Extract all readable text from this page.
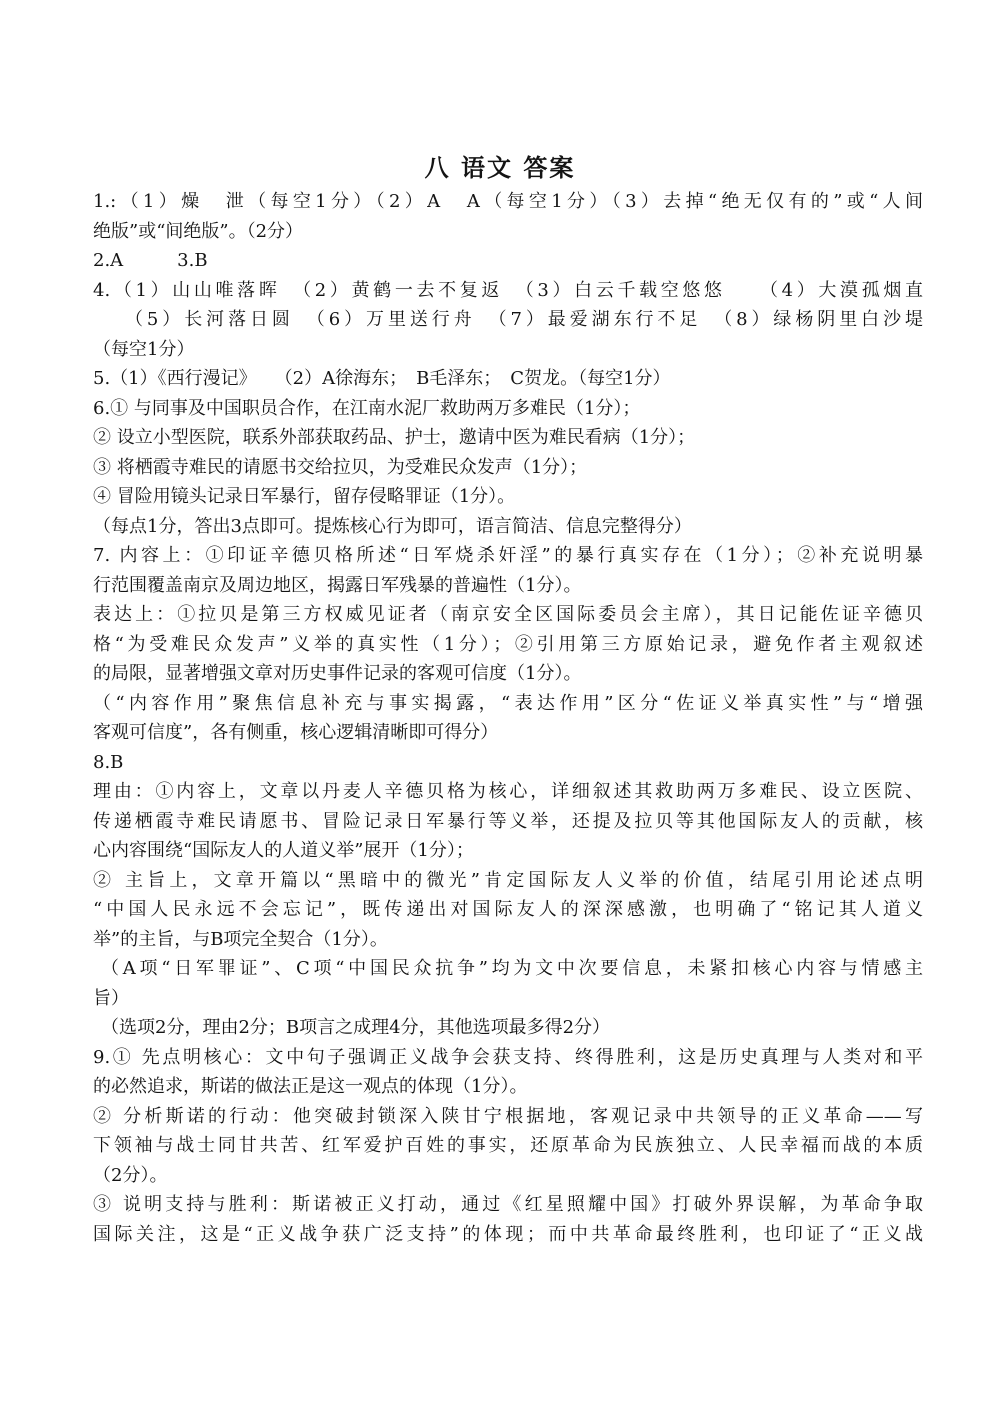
八 语文 答案
1.:（1）燥　泄（每空1分）（2）A　A（每空1分）（3）去掉“绝无仅有的”或“人间
绝版”或“间绝版”。（2分）
2.A　　　3.B
4.（1）山山唯落晖　（2）黄鹤一去不复返　（3）白云千载空悠悠　　（4）大漠孤烟直
（5）长河落日圆　（6）万里送行舟　（7）最爱湖东行不足　（8）绿杨阴里白沙堤
（每空1分）
5.（1）《西行漫记》　　（2）A徐海东；　B毛泽东；　C贺龙。（每空1分）
6.① 与同事及中国职员合作，在江南水泥厂救助两万多难民（1分）；
② 设立小型医院，联系外部获取药品、护士，邀请中医为难民看病（1分）；
③ 将栖霞寺难民的请愿书交给拉贝，为受难民众发声（1分）；
④ 冒险用镜头记录日军暴行，留存侵略罪证（1分）。
（每点1分，答出3点即可。提炼核心行为即可，语言简洁、信息完整得分）
7. 内容上：①印证辛德贝格所述“日军烧杀奸淫”的暴行真实存在（1分）；②补充说明暴
行范围覆盖南京及周边地区，揭露日军残暴的普遍性（1分）。
表达上：①拉贝是第三方权威见证者（南京安全区国际委员会主席），其日记能佐证辛德贝
格“为受难民众发声”义举的真实性（1分）；②引用第三方原始记录，避免作者主观叙述
的局限，显著增强文章对历史事件记录的客观可信度（1分）。
（“内容作用”聚焦信息补充与事实揭露，“表达作用”区分“佐证义举真实性”与“增强
客观可信度”，各有侧重，核心逻辑清晰即可得分）
8.B
理由：①内容上，文章以丹麦人辛德贝格为核心，详细叙述其救助两万多难民、设立医院、
传递栖霞寺难民请愿书、冒险记录日军暴行等义举，还提及拉贝等其他国际友人的贡献，核
心内容围绕“国际友人的人道义举”展开（1分）；
② 主旨上，文章开篇以“黑暗中的微光”肯定国际友人义举的价值，结尾引用论述点明
“中国人民永远不会忘记”，既传递出对国际友人的深深感激，也明确了“铭记其人道义
举”的主旨，与B项完全契合（1分）。
（A项“日军罪证”、C项“中国民众抗争”均为文中次要信息，未紧扣核心内容与情感主
旨）
（选项2分，理由2分；B项言之成理4分，其他选项最多得2分）
9.① 先点明核心：文中句子强调正义战争会获支持、终得胜利，这是历史真理与人类对和平
的必然追求，斯诺的做法正是这一观点的体现（1分）。
② 分析斯诺的行动：他突破封锁深入陕甘宁根据地，客观记录中共领导的正义革命——写
下领袖与战士同甘共苦、红军爱护百姓的事实，还原革命为民族独立、人民幸福而战的本质
（2分）。
③ 说明支持与胜利：斯诺被正义打动，通过《红星照耀中国》打破外界误解，为革命争取
国际关注，这是“正义战争获广泛支持”的体现；而中共革命最终胜利，也印证了“正义战
